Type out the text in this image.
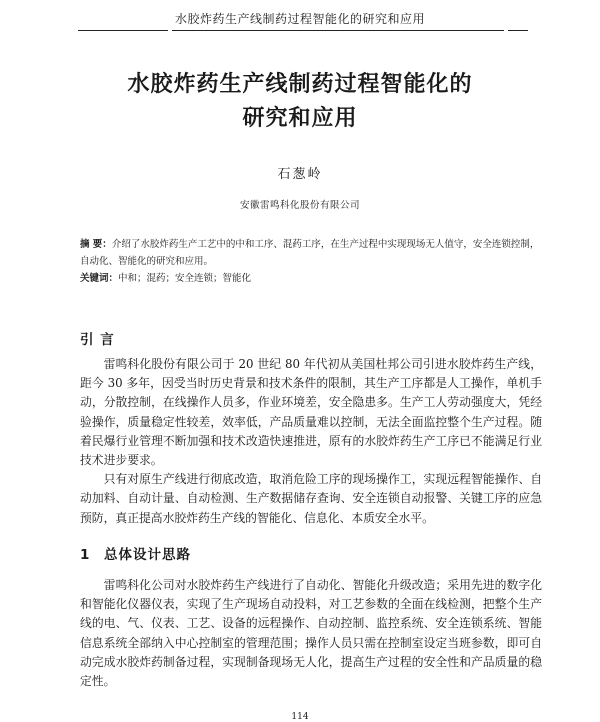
水胶炸药生产线制药过程智能化的研究和应用
水胶炸药生产线制药过程智能化的
研究和应用
石葱岭
安徽雷鸣科化股份有限公司
摘 要：介绍了水胶炸药生产工艺中的中和工序、混药工序，在生产过程中实现现场无人值守，安全连锁控制，自动化、智能化的研究和应用。
关键词：中和；混药；安全连锁；智能化
引 言

雷鸣科化股份有限公司于 20 世纪 80 年代初从美国杜邦公司引进水胶炸药生产线，距今 30 多年，因受当时历史背景和技术条件的限制，其生产工序都是人工操作，单机手动，分散控制，在线操作人员多，作业环境差，安全隐患多。生产工人劳动强度大，凭经验操作，质量稳定性较差，效率低，产品质量难以控制，无法全面监控整个生产过程。随着民爆行业管理不断加强和技术改造快速推进，原有的水胶炸药生产工序已不能满足行业技术进步要求。

只有对原生产线进行彻底改造，取消危险工序的现场操作工，实现远程智能操作、自动加料、自动计量、自动检测、生产数据储存查询、安全连锁自动报警、关键工序的应急预防，真正提高水胶炸药生产线的智能化、信息化、本质安全水平。

1 总体设计思路

雷鸣科化公司对水胶炸药生产线进行了自动化、智能化升级改造；采用先进的数字化和智能化仪器仪表，实现了生产现场自动投料，对工艺参数的全面在线检测，把整个生产线的电、气、仪表、工艺、设备的远程操作、自动控制、监控系统、安全连锁系统、智能信息系统全部纳入中心控制室的管理范围；操作人员只需在控制室设定当班参数，即可自动完成水胶炸药制备过程，实现制备现场无人化，提高生产过程的安全性和产品质量的稳定性。

114
